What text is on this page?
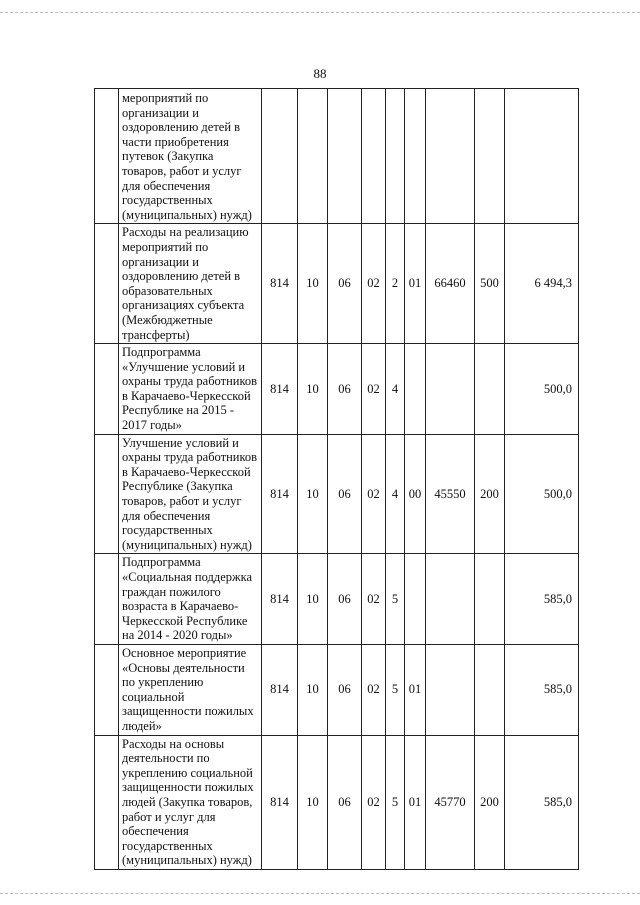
88
	мероприятий по организации и оздоровлению детей в части приобретения путевок (Закупка товаров, работ и услуг для обеспечения государственных (муниципальных) нужд)									
	Расходы на реализацию мероприятий по организации и оздоровлению детей в образовательных организациях субъекта (Межбюджетные трансферты)	814	10	06	02	2	01	66460	500	6 494,3
	Подпрограмма «Улучшение условий и охраны труда работников в Карачаево-Черкесской Республике на 2015 - 2017 годы»	814	10	06	02	4				500,0
	Улучшение условий и охраны труда работников в Карачаево-Черкесской Республике (Закупка товаров, работ и услуг для обеспечения государственных (муниципальных) нужд)	814	10	06	02	4	00	45550	200	500,0
	Подпрограмма «Социальная поддержка граждан пожилого возраста в Карачаево-Черкесской Республике на 2014 - 2020 годы»	814	10	06	02	5				585,0
	Основное мероприятие «Основы деятельности по укреплению социальной защищенности пожилых людей»	814	10	06	02	5	01			585,0
	Расходы на основы деятельности по укреплению социальной защищенности пожилых людей (Закупка товаров, работ и услуг для обеспечения государственных (муниципальных) нужд)	814	10	06	02	5	01	45770	200	585,0
